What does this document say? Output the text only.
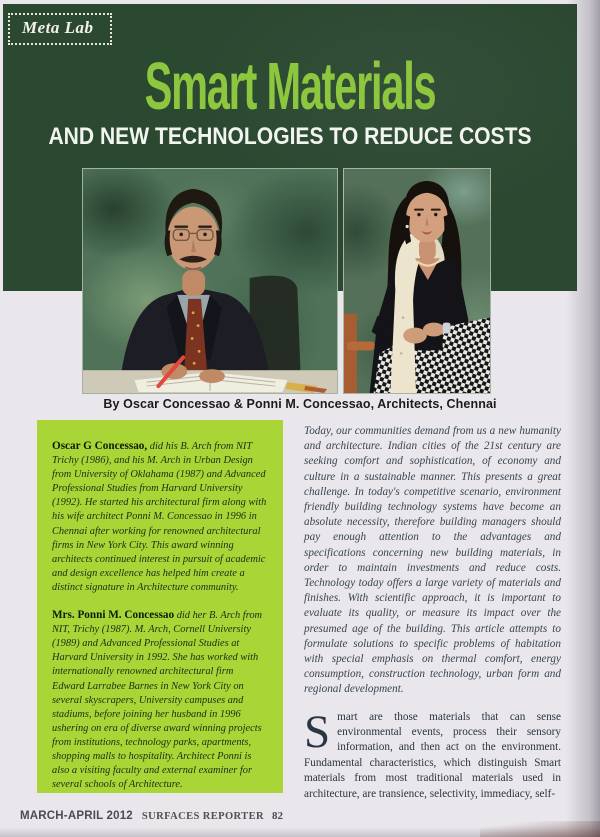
Meta Lab
Smart Materials
AND NEW TECHNOLOGIES TO REDUCE COSTS
By Oscar Concessao & Ponni M. Concessao, Architects, Chennai

Oscar G Concessao, did his B. Arch from NIT Trichy (1986), and his M. Arch in Urban Design from University of Oklahama (1987) and Advanced Professional Studies from Harvard University (1992). He started his architectural firm along with his wife architect Ponni M. Concessao in 1996 in Chennai after working for renowned architectural firms in New York City. This award winning architects continued interest in pursuit of academic and design excellence has helped him create a distinct signature in Architecture community.

Mrs. Ponni M. Concessao did her B. Arch from NIT, Trichy (1987). M. Arch, Cornell University (1989) and Advanced Professional Studies at Harvard University in 1992. She has worked with internationally renowned architectural firm Edward Larrabee Barnes in New York City on several skyscrapers, University campuses and stadiums, before joining her husband in 1996 ushering on era of diverse award winning projects from institutions, technology parks, apartments, shopping malls to hospitality. Architect Ponni is also a visiting faculty and external examiner for several schools of Architecture.

Today, our communities demand from us a new humanity and architecture. Indian cities of the 21st century are seeking comfort and sophistication, of economy and culture in a sustainable manner. This presents a great challenge. In today's competitive scenario, environment friendly building technology systems have become an absolute necessity, therefore building managers should pay enough attention to the advantages and specifications concerning new building materials, in order to maintain investments and reduce costs. Technology today offers a large variety of materials and finishes. With scientific approach, it is important to evaluate its quality, or measure its impact over the presumed age of the building. This article attempts to formulate solutions to specific problems of habitation with special emphasis on thermal comfort, energy consumption, construction technology, urban form and regional development.

Smart are those materials that can sense environmental events, process their sensory information, and then act on the environment. Fundamental characteristics, which distinguish Smart materials from most traditional materials used in architecture, are transience, selectivity, immediacy, self-

MARCH-APRIL 2012 SURFACES REPORTER 82
